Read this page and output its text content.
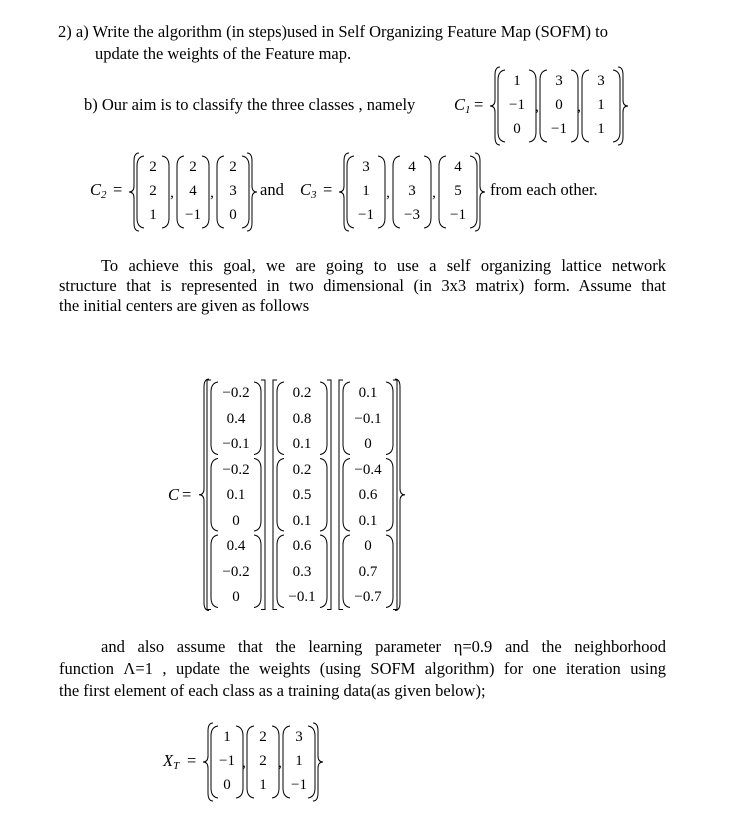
2) a) Write the algorithm (in steps)used in Self Organizing Feature Map (SOFM) to
update the weights of the Feature map.
b) Our aim is to classify the three classes , namely $C_1$ =
1
−1
0
,
3
0
−1
,
3
1
1
$C_2$ =
2
2
1
,
2
4
−1
,
2
3
0
and $C_3$ =
3
1
−1
,
4
3
−3
,
4
5
−1
from each other.
To achieve this goal, we are going to use a self organizing lattice network
structure that is represented in two dimensional (in 3x3 matrix) form. Assume that
the initial centers are given as follows
C =
−0.2
0.4
−0.1
0.2
0.8
0.1
0.1
−0.1
0
−0.2
0.1
0
0.2
0.5
0.1
−0.4
0.6
0.1
0.4
−0.2
0
0.6
0.3
−0.1
0
0.7
−0.7
and also assume that the learning parameter η=0.9 and the neighborhood
function Λ=1 , update the weights (using SOFM algorithm) for one iteration using
the first element of each class as a training data(as given below);
$X_T$ =
1
−1
0
,
2
2
1
,
3
1
−1
